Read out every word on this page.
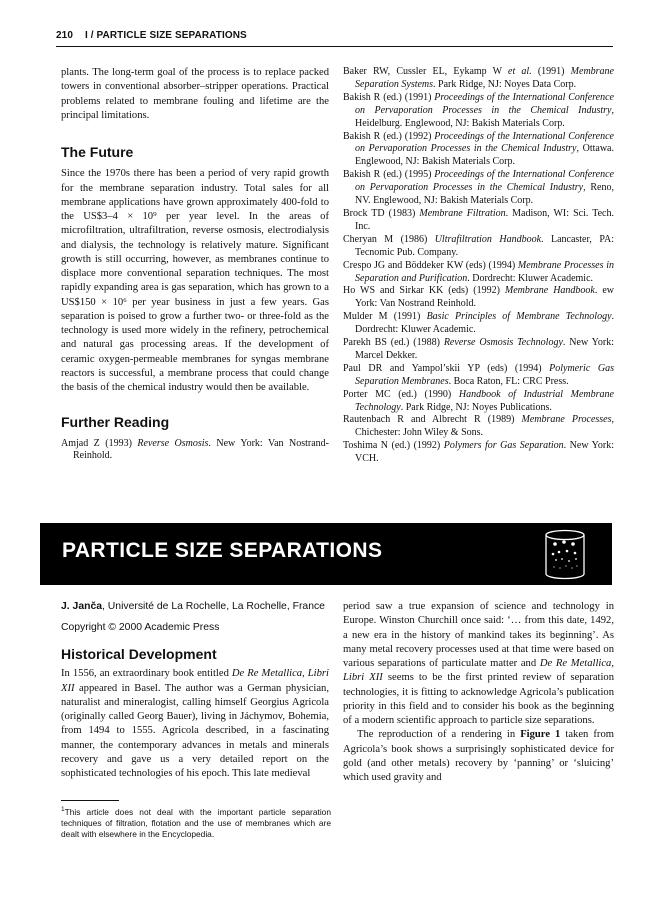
210 I / PARTICLE SIZE SEPARATIONS

plants. The long-term goal of the process is to replace packed towers in conventional absorber–stripper operations. Practical problems related to membrane fouling and lifetime are the principal limitations.

The Future

Since the 1970s there has been a period of very rapid growth for the membrane separation industry. Total sales for all membrane applications have grown approximately 400-fold to the US$3–4 × 10⁹ per year level. In the areas of microfiltration, ultrafiltration, reverse osmosis, electrodialysis and dialysis, the technology is relatively mature. Significant growth is still occurring, however, as membranes continue to displace more conventional separation techniques. The most rapidly expanding area is gas separation, which has grown to a US$150 × 10⁶ per year business in just a few years. Gas separation is poised to grow a further two- or three-fold as the technology is used more widely in the refinery, petrochemical and natural gas processing areas. If the development of ceramic oxygen-permeable membranes for syngas membrane reactors is successful, a membrane process that could change the basis of the chemical industry would then be available.

Further Reading

Amjad Z (1993) Reverse Osmosis. New York: Van Nostrand-Reinhold.

Baker RW, Cussler EL, Eykamp W et al. (1991) Membrane Separation Systems. Park Ridge, NJ: Noyes Data Corp.

Bakish R (ed.) (1991) Proceedings of the International Conference on Pervaporation Processes in the Chemical Industry, Heidelburg. Englewood, NJ: Bakish Materials Corp.

Bakish R (ed.) (1992) Proceedings of the International Conference on Pervaporation Processes in the Chemical Industry, Ottawa. Englewood, NJ: Bakish Materials Corp.

Bakish R (ed.) (1995) Proceedings of the International Conference on Pervaporation Processes in the Chemical Industry, Reno, NV. Englewood, NJ: Bakish Materials Corp.

Brock TD (1983) Membrane Filtration. Madison, WI: Sci. Tech. Inc.

Cheryan M (1986) Ultrafiltration Handbook. Lancaster, PA: Tecnomic Pub. Company.

Crespo JG and Böddeker KW (eds) (1994) Membrane Processes in Separation and Purification. Dordrecht: Kluwer Academic.

Ho WS and Sirkar KK (eds) (1992) Membrane Handbook. ew York: Van Nostrand Reinhold.

Mulder M (1991) Basic Principles of Membrane Technology. Dordrecht: Kluwer Academic.

Parekh BS (ed.) (1988) Reverse Osmosis Technology. New York: Marcel Dekker.

Paul DR and Yampol’skii YP (eds) (1994) Polymeric Gas Separation Membranes. Boca Raton, FL: CRC Press.

Porter MC (ed.) (1990) Handbook of Industrial Membrane Technology. Park Ridge, NJ: Noyes Publications.

Rautenbach R and Albrecht R (1989) Membrane Processes, Chichester: John Wiley & Sons.

Toshima N (ed.) (1992) Polymers for Gas Separation. New York: VCH.

PARTICLE SIZE SEPARATIONS
J. Janča, Université de La Rochelle, La Rochelle, France
Copyright © 2000 Academic Press
Historical Development

In 1556, an extraordinary book entitled De Re Metallica, Libri XII appeared in Basel. The author was a German physician, naturalist and mineralogist, calling himself Georgius Agricola (originally called Georg Bauer), living in Jáchymov, Bohemia, from 1494 to 1555. Agricola described, in a fascinating manner, the contemporary advances in metals and minerals recovery and gave us a very detailed report on the sophisticated technologies of his epoch. This late medieval

period saw a true expansion of science and technology in Europe. Winston Churchill once said: ‘… from this date, 1492, a new era in the history of mankind takes its beginning’. As many metal recovery processes used at that time were based on various separations of particulate matter and De Re Metallica, Libri XII seems to be the first printed review of separation technologies, it is fitting to acknowledge Agricola’s publication priority in this field and to consider his book as the beginning of a modern scientific approach to particle size separations.

The reproduction of a rendering in Figure 1 taken from Agricola’s book shows a surprisingly sophisticated device for gold (and other metals) recovery by ‘panning’ or ‘sluicing’ which used gravity and

$^1$This article does not deal with the important particle separation techniques of filtration, flotation and the use of membranes which are dealt with elsewhere in the Encyclopedia.
